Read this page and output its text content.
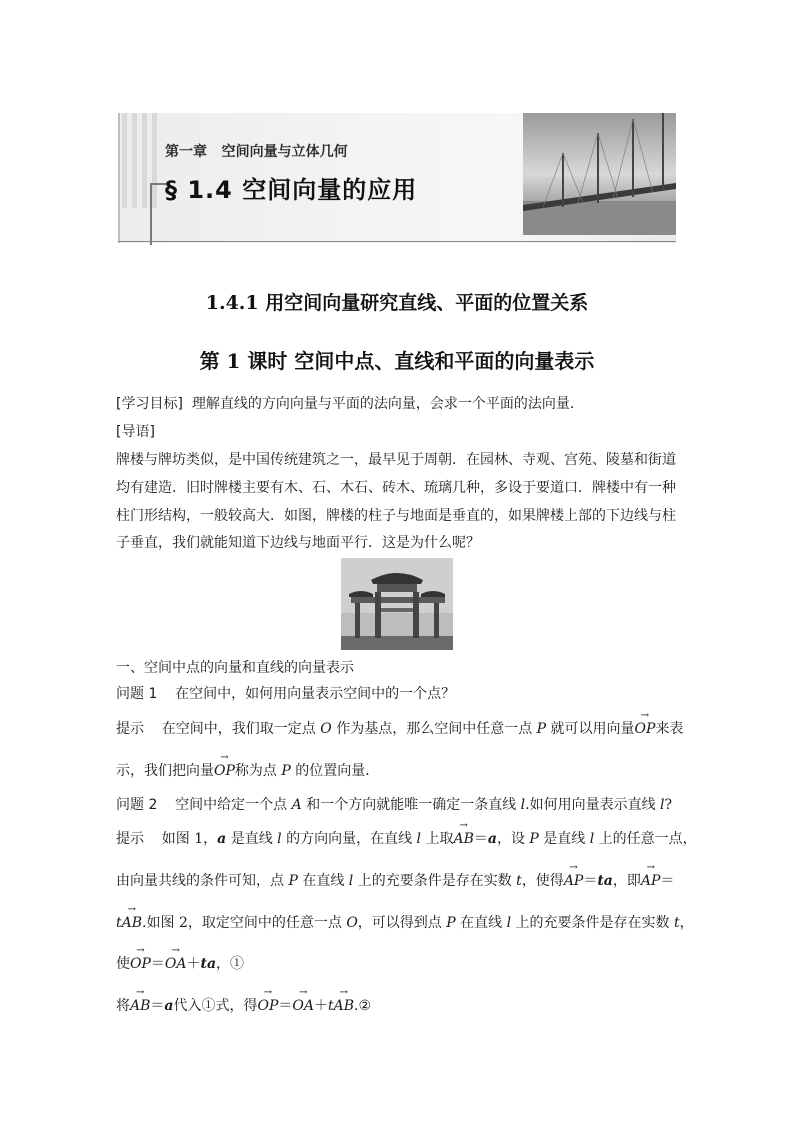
第一章   空间向量与立体几何
§ 1.4 空间向量的应用
1.4.1 用空间向量研究直线、平面的位置关系
第 1 课时 空间中点、直线和平面的向量表示
[学习目标]  理解直线的方向向量与平面的法向量，会求一个平面的法向量．
[导语]
牌楼与牌坊类似，是中国传统建筑之一，最早见于周朝．在园林、寺观、宫苑、陵墓和街道
均有建造．旧时牌楼主要有木、石、木石、砖木、琉璃几种，多设于要道口．牌楼中有一种
柱门形结构，一般较高大．如图，牌楼的柱子与地面是垂直的，如果牌楼上部的下边线与柱
子垂直，我们就能知道下边线与地面平行．这是为什么呢？
一、空间中点的向量和直线的向量表示
问题 1    在空间中，如何用向量表示空间中的一个点？
提示    在空间中，我们取一定点 O 作为基点，那么空间中任意一点 P 就可以用向量→ OP来表
示，我们把向量→ OP称为点 P 的位置向量．
问题 2    空间中给定一个点 A 和一个方向就能唯一确定一条直线 l.如何用向量表示直线 l?
提示    如图 1，a 是直线 l 的方向向量，在直线 l 上取→ AB＝a，设 P 是直线 l 上的任意一点，
由向量共线的条件可知，点 P 在直线 l 上的充要条件是存在实数 t，使得→ AP＝ta，即→ AP＝
t→ AB.如图 2，取定空间中的任意一点 O，可以得到点 P 在直线 l 上的充要条件是存在实数 t，
使→ OP＝→ OA＋ta，①
将→ AB＝a代入①式，得→ OP＝→ OA＋t→ AB.②
